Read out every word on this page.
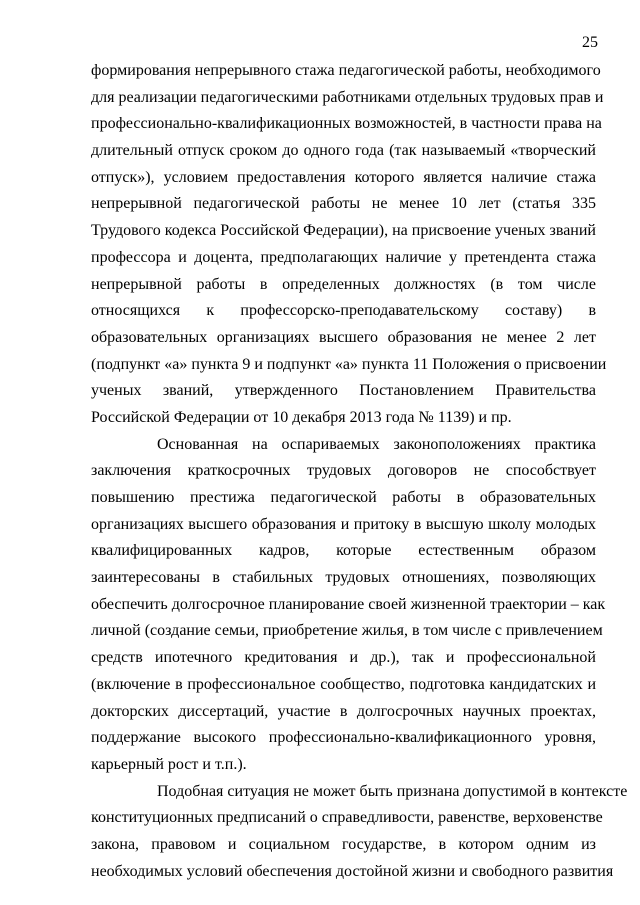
25
формирования непрерывного стажа педагогической работы, необходимого
для реализации педагогическими работниками отдельных трудовых прав и
профессионально-квалификационных возможностей, в частности права на
длительный отпуск сроком до одного года (так называемый «творческий
отпуск»), условием предоставления которого является наличие стажа
непрерывной педагогической работы не менее 10 лет (статья 335
Трудового кодекса Российской Федерации), на присвоение ученых званий
профессора и доцента, предполагающих наличие у претендента стажа
непрерывной работы в определенных должностях (в том числе
относящихся к профессорско-преподавательскому составу) в
образовательных организациях высшего образования не менее 2 лет
(подпункт «а» пункта 9 и подпункт «а» пункта 11 Положения о присвоении
ученых званий, утвержденного Постановлением Правительства
Российской Федерации от 10 декабря 2013 года № 1139) и пр.
Основанная на оспариваемых законоположениях практика
заключения краткосрочных трудовых договоров не способствует
повышению престижа педагогической работы в образовательных
организациях высшего образования и притоку в высшую школу молодых
квалифицированных кадров, которые естественным образом
заинтересованы в стабильных трудовых отношениях, позволяющих
обеспечить долгосрочное планирование своей жизненной траектории – как
личной (создание семьи, приобретение жилья, в том числе с привлечением
средств ипотечного кредитования и др.), так и профессиональной
(включение в профессиональное сообщество, подготовка кандидатских и
докторских диссертаций, участие в долгосрочных научных проектах,
поддержание высокого профессионально-квалификационного уровня,
карьерный рост и т.п.).
Подобная ситуация не может быть признана допустимой в контексте
конституционных предписаний о справедливости, равенстве, верховенстве
закона, правовом и социальном государстве, в котором одним из
необходимых условий обеспечения достойной жизни и свободного развития
